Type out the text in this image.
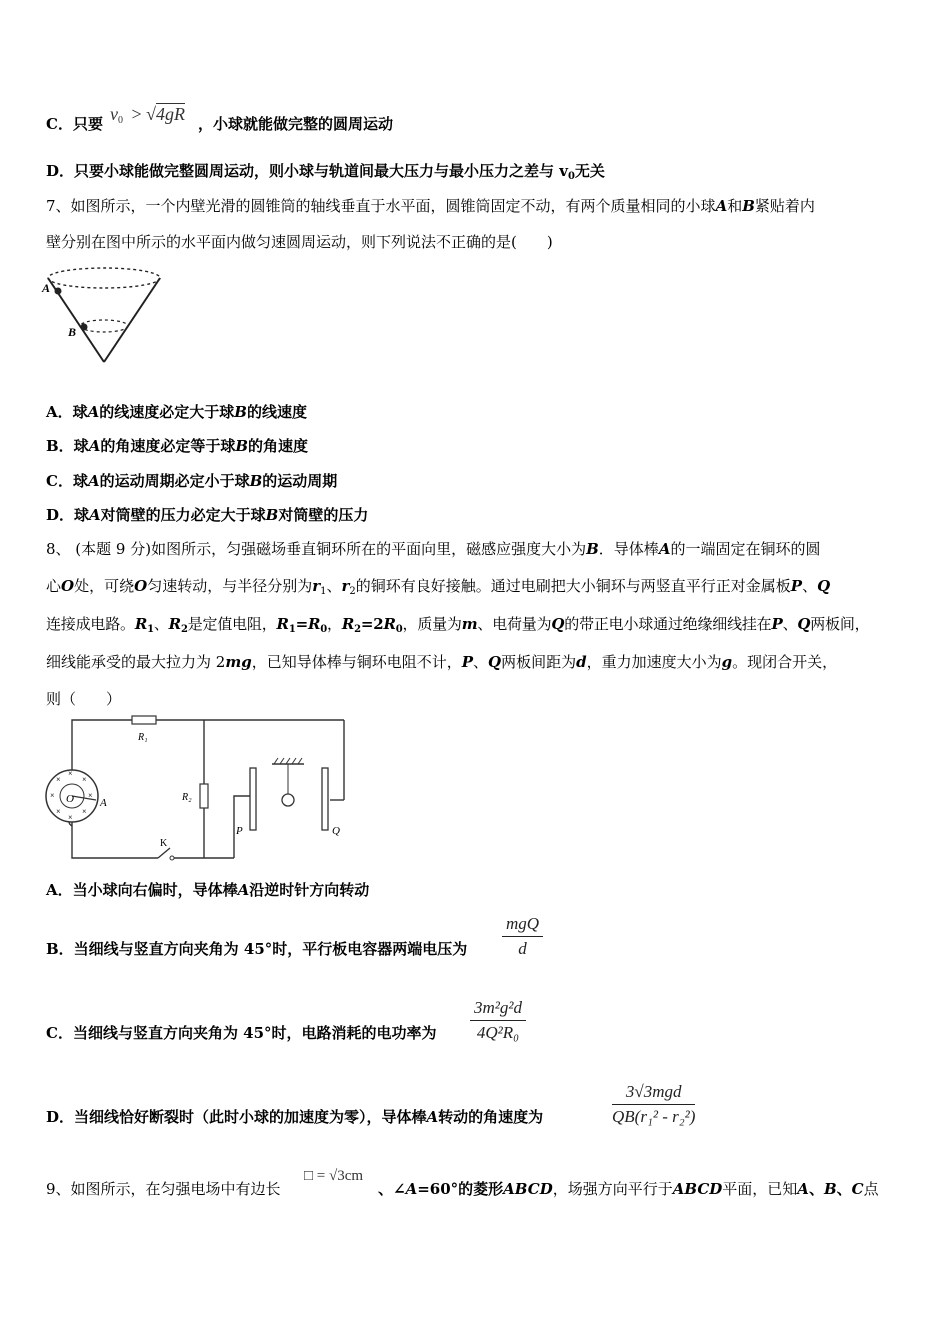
C．只要 $v_0 > √4gR$ ，小球就能做完整的圆周运动
D．只要小球能做完整圆周运动，则小球与轨道间最大压力与最小压力之差与 $v_0$无关
7、如图所示，一个内壁光滑的圆锥筒的轴线垂直于水平面，圆锥筒固定不动，有两个质量相同的小球A和B紧贴着内
壁分别在图中所示的水平面内做匀速圆周运动，则下列说法不正确的是(　　)
A
B
A．球A的线速度必定大于球B的线速度
B．球A的角速度必定等于球B的角速度
C．球A的运动周期必定小于球B的运动周期
D．球A对筒壁的压力必定大于球B对筒壁的压力
8、 (本题 9 分)如图所示，匀强磁场垂直铜环所在的平面向里，磁感应强度大小为B．导体棒A的一端固定在铜环的圆
心O处，可绕O匀速转动，与半径分别为$r_1$、$r_2$的铜环有良好接触。通过电刷把大小铜环与两竖直平行正对金属板P、Q
连接成电路。$R_1$、$R_2$是定值电阻，$R_1=R_0$，$R_2=2R_0$，质量为m、电荷量为Q的带正电小球通过绝缘细线挂在P、Q两板间，
细线能承受的最大拉力为 2mg，已知导体棒与铜环电阻不计，P、Q两板间距为d，重力加速度大小为g。现闭合开关，
则（　　）
R₁
R₂
P	Q
K
×
×	×
×	×
×	×
×
O A
A．当小球向右偏时，导体棒A沿逆时针方向转动
B．当细线与竖直方向夹角为 45°时，平行板电容器两端电压为
mgQ
d
C．当细线与竖直方向夹角为 45°时，电路消耗的电功率为
3m²g²d
4Q²R₀
D．当细线恰好断裂时（此时小球的加速度为零），导体棒A转动的角速度为
3√3mgd
QB(r₁² - r₂²)
9、如图所示，在匀强电场中有边长
□ = √3cm
、∠A=60°的菱形ABCD，场强方向平行于ABCD平面，已知A、B、C点
